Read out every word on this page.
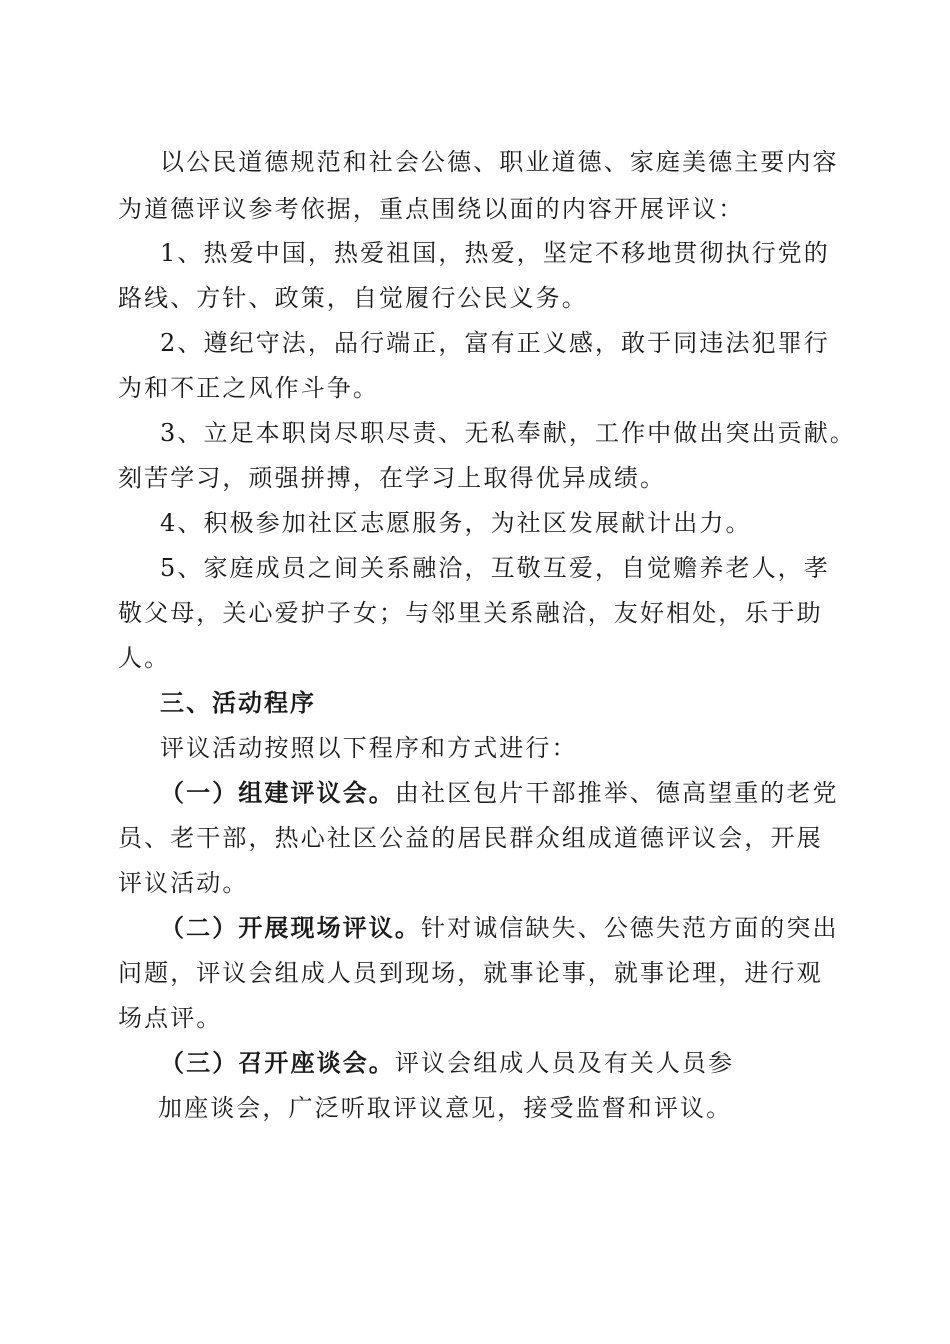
以公民道德规范和社会公德、职业道德、家庭美德主要内容
为道德评议参考依据，重点围绕以面的内容开展评议：
1、热爱中国，热爱祖国，热爱，坚定不移地贯彻执行党的
路线、方针、政策，自觉履行公民义务。
2、遵纪守法，品行端正，富有正义感，敢于同违法犯罪行
为和不正之风作斗争。
3、立足本职岗尽职尽责、无私奉献，工作中做出突出贡献。
刻苦学习，顽强拼搏，在学习上取得优异成绩。
4、积极参加社区志愿服务，为社区发展献计出力。
5、家庭成员之间关系融洽，互敬互爱，自觉赡养老人，孝
敬父母，关心爱护子女；与邻里关系融洽，友好相处，乐于助
人。
三、活动程序
评议活动按照以下程序和方式进行：
（一）组建评议会。由社区包片干部推举、德高望重的老党
员、老干部，热心社区公益的居民群众组成道德评议会，开展
评议活动。
（二）开展现场评议。针对诚信缺失、公德失范方面的突出
问题，评议会组成人员到现场，就事论事，就事论理，进行观
场点评。
（三）召开座谈会。评议会组成人员及有关人员参
加座谈会，广泛听取评议意见，接受监督和评议。
